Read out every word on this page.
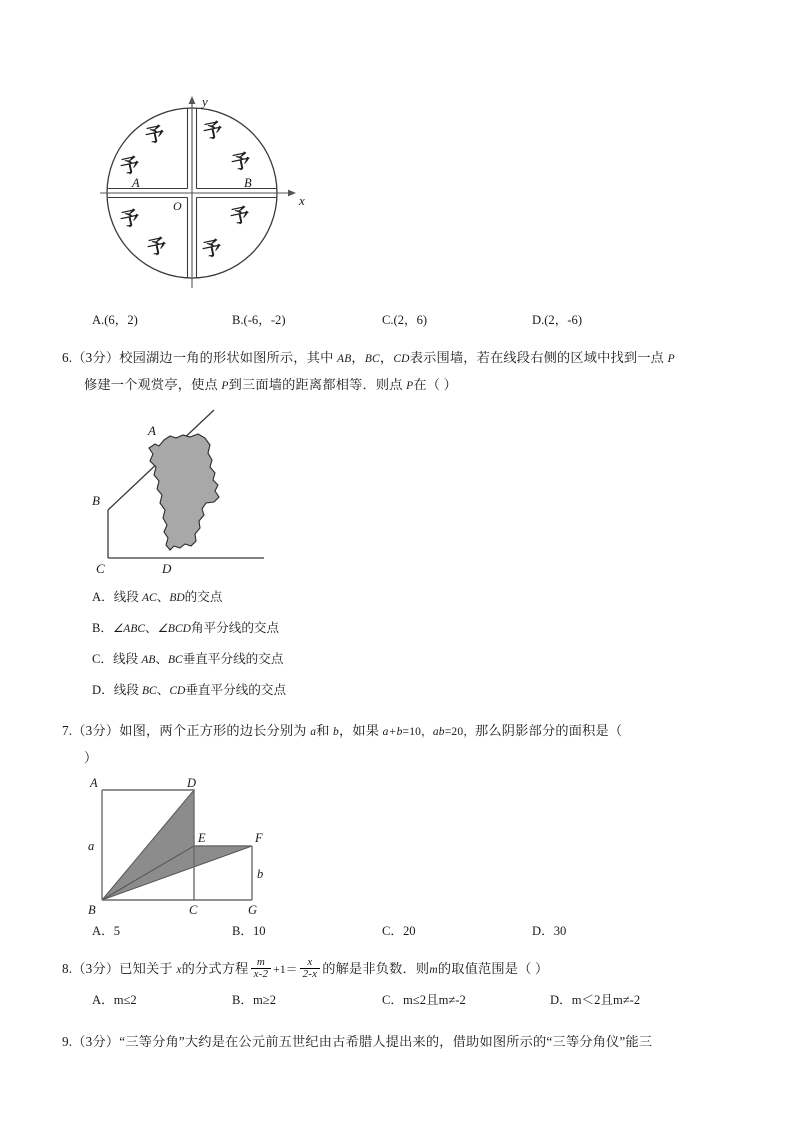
y
x
O
A	B
予
予
予
予
予
予 予
予
A.(6，2)	B.(-6，-2)	C.(2，6)	D.(2，-6)
6.（3分）校园湖边一角的形状如图所示，其中 AB，BC，CD表示围墙，若在线段右侧的区域中找到一点 P
修建一个观赏亭，使点 P到三面墙的距离都相等．则点 P在（ ）
A
B
C	D
A．线段 AC、BD的交点
B．∠ABC、∠BCD角平分线的交点
C．线段 AB、BC垂直平分线的交点
D．线段 BC、CD垂直平分线的交点
7.（3分）如图，两个正方形的边长分别为 a和 b，如果 a+b=10，ab=20，那么阴影部分的面积是（
）
A	D
E	F
B	C	G
a
b
A．5	B．10	C．20	D．30
8.（3分）已知关于 x的分式方程 $\frac{m}{x-2} +1= \frac{x}{2-x}$ 的解是非负数．则m的取值范围是（ ）
A．m≤2	B．m≥2	C．m≤2且m≠-2	D．m＜2且m≠-2
9.（3分）“三等分角”大约是在公元前五世纪由古希腊人提出来的，借助如图所示的“三等分角仪”能三
